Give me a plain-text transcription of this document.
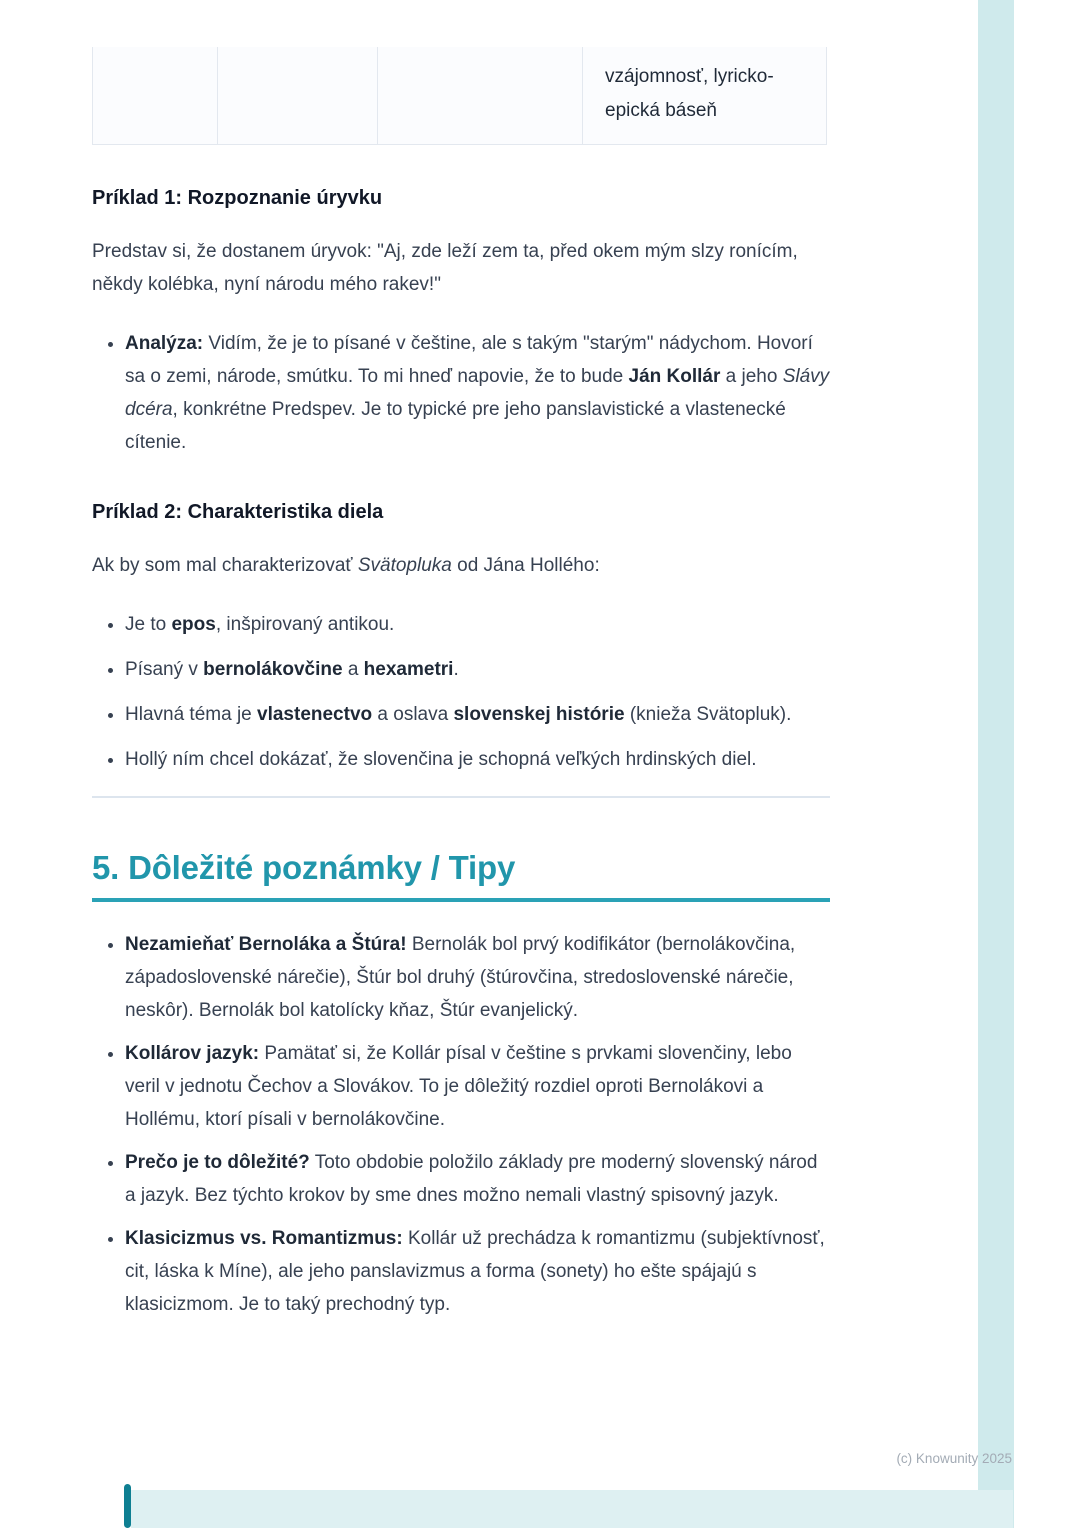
vzájomnosť, lyricko-epická báseň
Príklad 1: Rozpoznanie úryvku

Predstav si, že dostanem úryvok: "Aj, zde leží zem ta, před okem mým slzy ronícím, někdy kolébka, nyní národu mého rakev!"

• Analýza: Vidím, že je to písané v češtine, ale s takým "starým" nádychom. Hovorí sa o zemi, národe, smútku. To mi hneď napovie, že to bude Ján Kollár a jeho Slávy dcéra, konkrétne Predspev. Je to typické pre jeho panslavistické a vlastenecké cítenie.
Príklad 2: Charakteristika diela

Ak by som mal charakterizovať Svätopluka od Jána Hollého:

• Je to epos, inšpirovaný antikou.
• Písaný v bernolákovčine a hexametri.
• Hlavná téma je vlastenectvo a oslava slovenskej histórie (knieža Svätopluk).
• Hollý ním chcel dokázať, že slovenčina je schopná veľkých hrdinských diel.
5. Dôležité poznámky / Tipy
• Nezamieňať Bernoláka a Štúra! Bernolák bol prvý kodifikátor (bernolákovčina, západoslovenské nárečie), Štúr bol druhý (štúrovčina, stredoslovenské nárečie, neskôr). Bernolák bol katolícky kňaz, Štúr evanjelický.
• Kollárov jazyk: Pamätať si, že Kollár písal v češtine s prvkami slovenčiny, lebo veril v jednotu Čechov a Slovákov. To je dôležitý rozdiel oproti Bernolákovi a Hollému, ktorí písali v bernolákovčine.
• Prečo je to dôležité? Toto obdobie položilo základy pre moderný slovenský národ a jazyk. Bez týchto krokov by sme dnes možno nemali vlastný spisovný jazyk.
• Klasicizmus vs. Romantizmus: Kollár už prechádza k romantizmu (subjektívnosť, cit, láska k Míne), ale jeho panslavizmus a forma (sonety) ho ešte spájajú s klasicizmom. Je to taký prechodný typ.
(c) Knowunity 2025
